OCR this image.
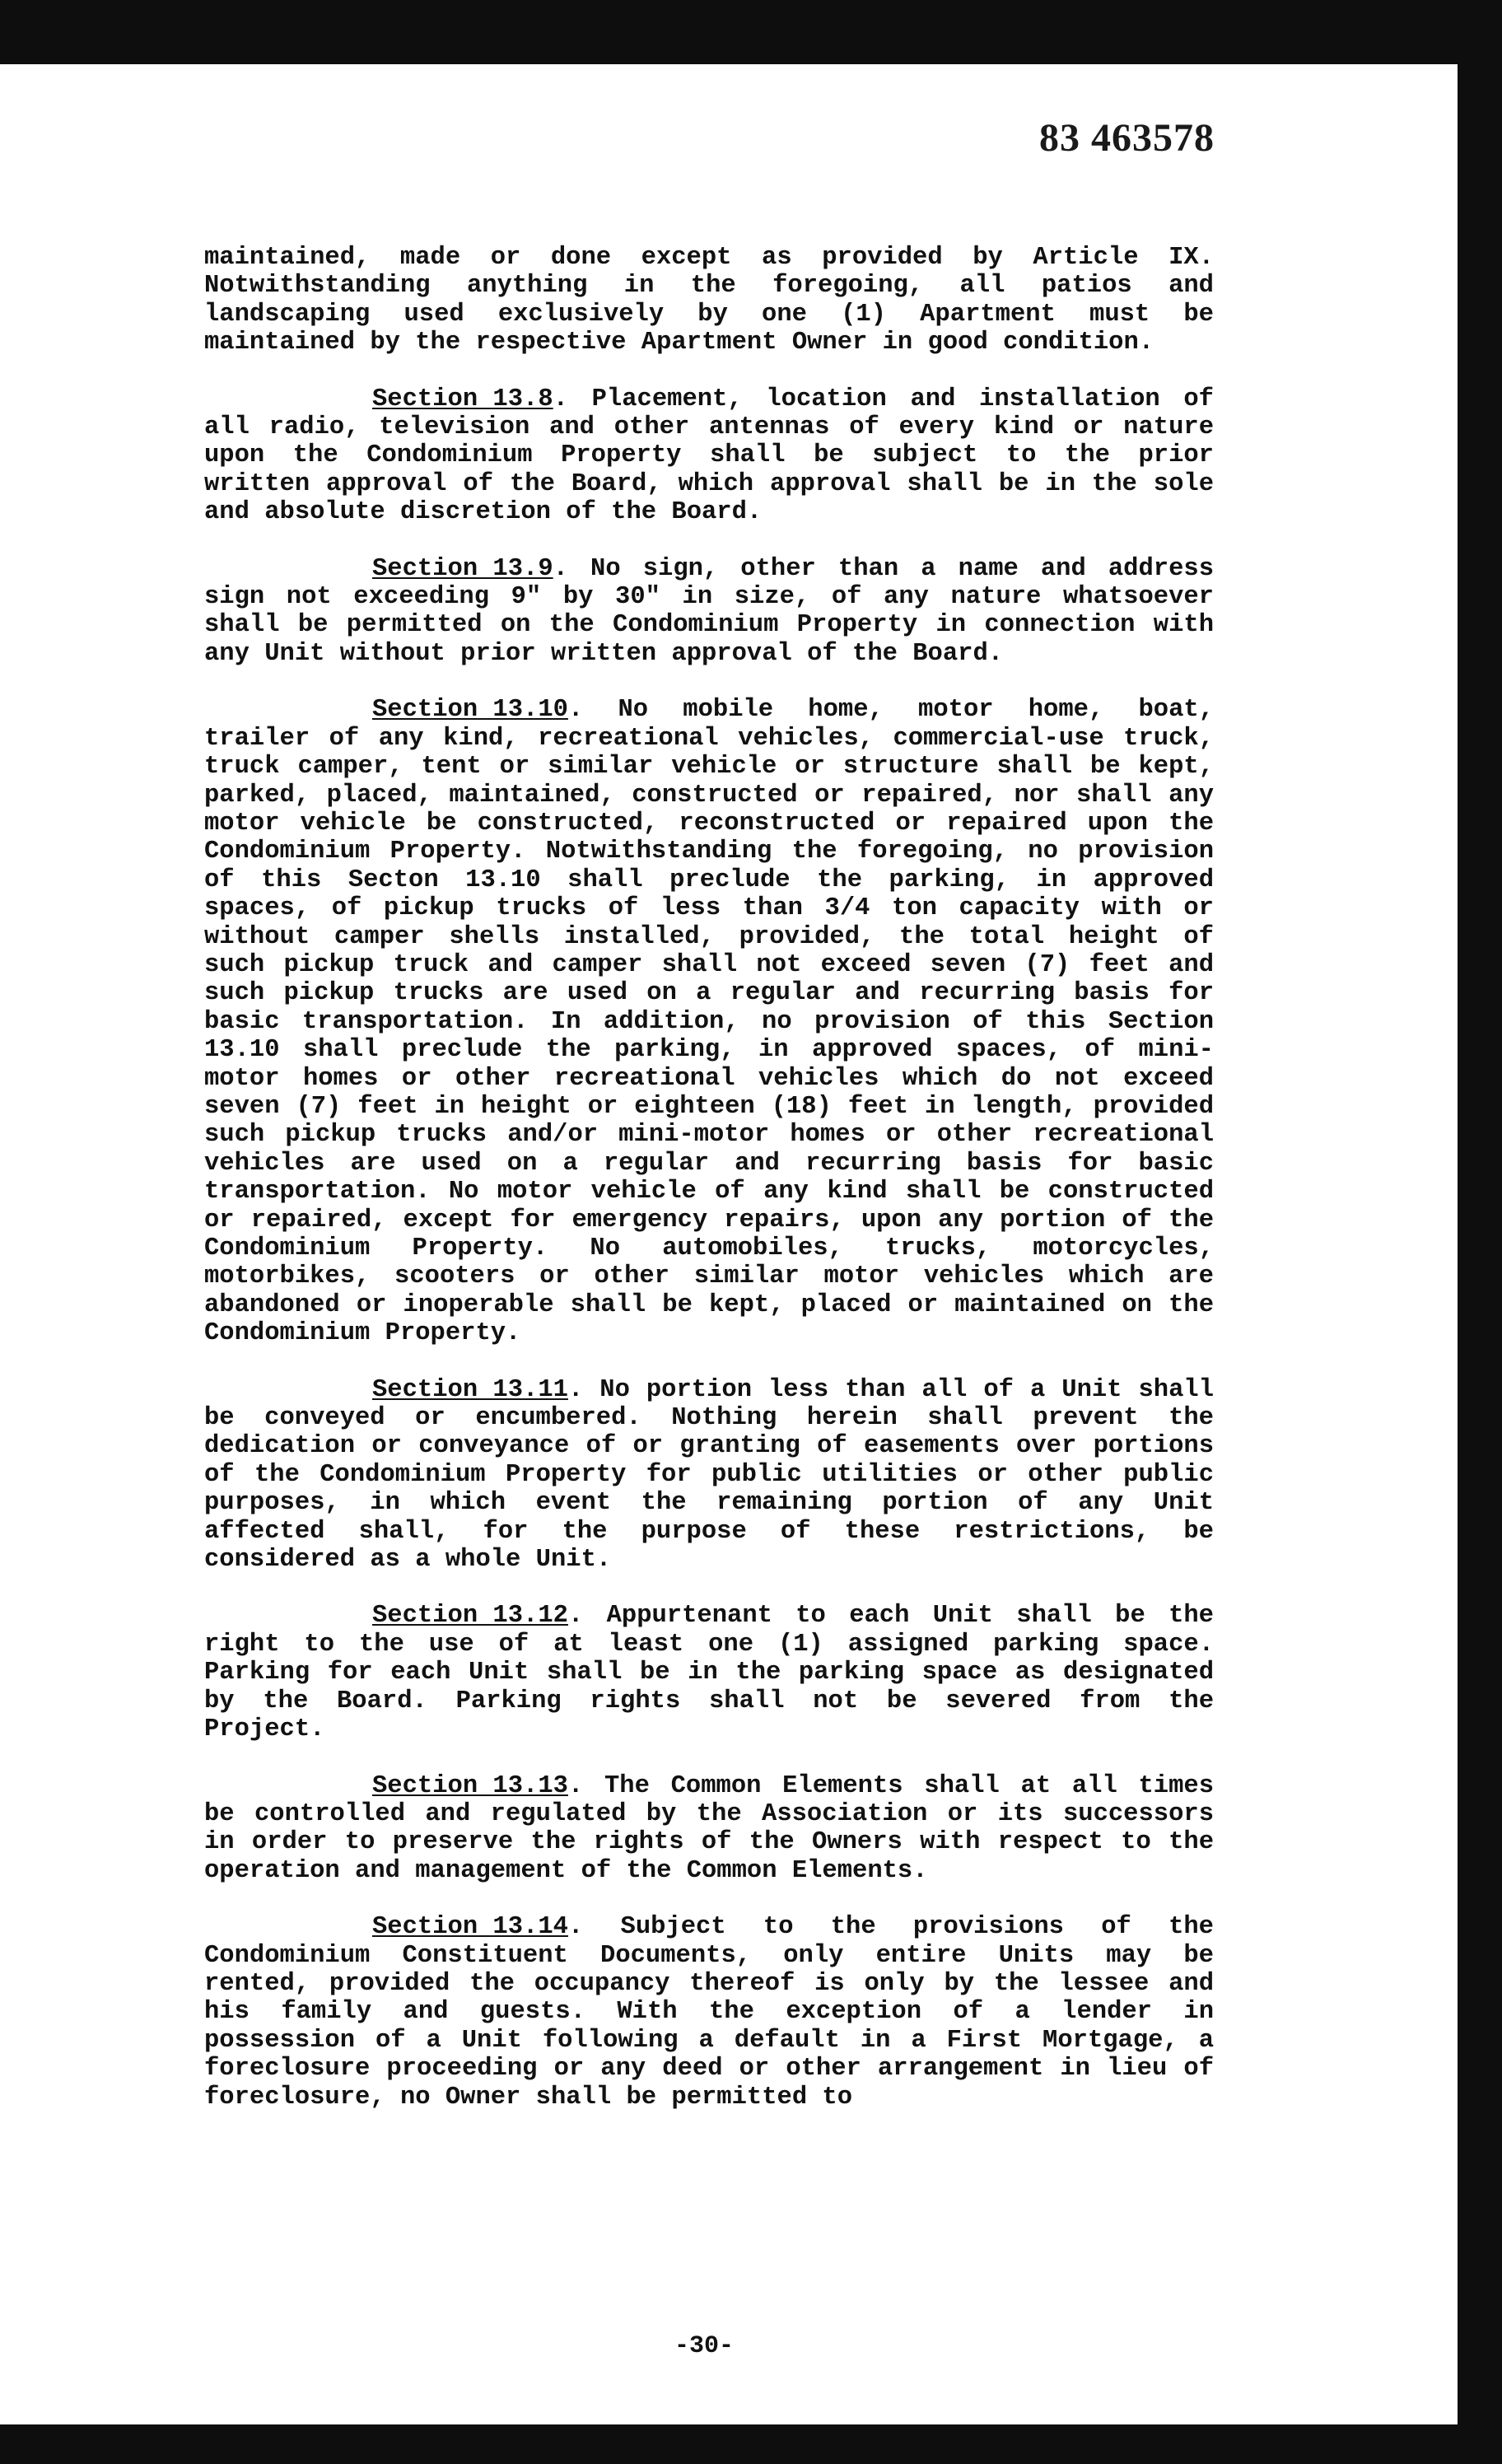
83 463578

maintained, made or done except as provided by Article IX. Notwithstanding anything in the foregoing, all patios and landscaping used exclusively by one (1) Apartment must be maintained by the respective Apartment Owner in good condition.

Section 13.8. Placement, location and installation of all radio, television and other antennas of every kind or nature upon the Condominium Property shall be subject to the prior written approval of the Board, which approval shall be in the sole and absolute discretion of the Board.

Section 13.9. No sign, other than a name and address sign not exceeding 9" by 30" in size, of any nature whatsoever shall be permitted on the Condominium Property in connection with any Unit without prior written approval of the Board.

Section 13.10. No mobile home, motor home, boat, trailer of any kind, recreational vehicles, commercial-use truck, truck camper, tent or similar vehicle or structure shall be kept, parked, placed, maintained, constructed or repaired, nor shall any motor vehicle be constructed, reconstructed or repaired upon the Condominium Property. Notwithstanding the foregoing, no provision of this Secton 13.10 shall preclude the parking, in approved spaces, of pickup trucks of less than 3/4 ton capacity with or without camper shells installed, provided, the total height of such pickup truck and camper shall not exceed seven (7) feet and such pickup trucks are used on a regular and recurring basis for basic transportation. In addition, no provision of this Section 13.10 shall preclude the parking, in approved spaces, of mini-motor homes or other recreational vehicles which do not exceed seven (7) feet in height or eighteen (18) feet in length, provided such pickup trucks and/or mini-motor homes or other recreational vehicles are used on a regular and recurring basis for basic transportation. No motor vehicle of any kind shall be constructed or repaired, except for emergency repairs, upon any portion of the Condominium Property. No automobiles, trucks, motorcycles, motorbikes, scooters or other similar motor vehicles which are abandoned or inoperable shall be kept, placed or maintained on the Condominium Property.

Section 13.11. No portion less than all of a Unit shall be conveyed or encumbered. Nothing herein shall prevent the dedication or conveyance of or granting of easements over portions of the Condominium Property for public utilities or other public purposes, in which event the remaining portion of any Unit affected shall, for the purpose of these restrictions, be considered as a whole Unit.

Section 13.12. Appurtenant to each Unit shall be the right to the use of at least one (1) assigned parking space. Parking for each Unit shall be in the parking space as designated by the Board. Parking rights shall not be severed from the Project.

Section 13.13. The Common Elements shall at all times be controlled and regulated by the Association or its successors in order to preserve the rights of the Owners with respect to the operation and management of the Common Elements.

Section 13.14. Subject to the provisions of the Condominium Constituent Documents, only entire Units may be rented, provided the occupancy thereof is only by the lessee and his family and guests. With the exception of a lender in possession of a Unit following a default in a First Mortgage, a foreclosure proceeding or any deed or other arrangement in lieu of foreclosure, no Owner shall be permitted to

-30-
